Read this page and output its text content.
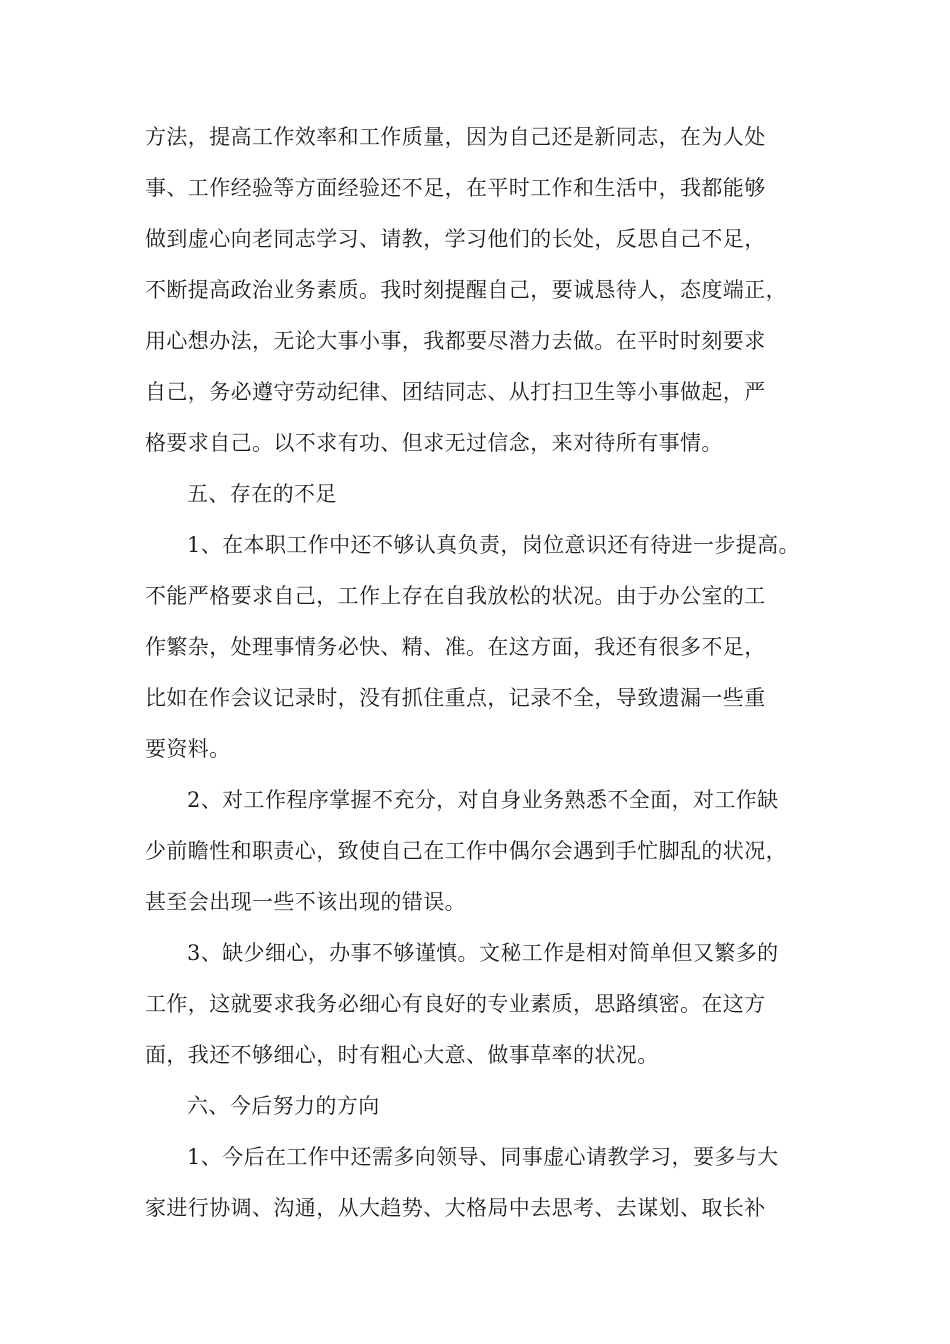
方法，提高工作效率和工作质量，因为自己还是新同志，在为人处
事、工作经验等方面经验还不足，在平时工作和生活中，我都能够
做到虚心向老同志学习、请教，学习他们的长处，反思自己不足，
不断提高政治业务素质。我时刻提醒自己，要诚恳待人，态度端正，
用心想办法，无论大事小事，我都要尽潜力去做。在平时时刻要求
自己，务必遵守劳动纪律、团结同志、从打扫卫生等小事做起，严
格要求自己。以不求有功、但求无过信念，来对待所有事情。
五、存在的不足
1、在本职工作中还不够认真负责，岗位意识还有待进一步提高。
不能严格要求自己，工作上存在自我放松的状况。由于办公室的工
作繁杂，处理事情务必快、精、准。在这方面，我还有很多不足，
比如在作会议记录时，没有抓住重点，记录不全，导致遗漏一些重
要资料。
2、对工作程序掌握不充分，对自身业务熟悉不全面，对工作缺
少前瞻性和职责心，致使自己在工作中偶尔会遇到手忙脚乱的状况，
甚至会出现一些不该出现的错误。
3、缺少细心，办事不够谨慎。文秘工作是相对简单但又繁多的
工作，这就要求我务必细心有良好的专业素质，思路缜密。在这方
面，我还不够细心，时有粗心大意、做事草率的状况。
六、今后努力的方向
1、今后在工作中还需多向领导、同事虚心请教学习，要多与大
家进行协调、沟通，从大趋势、大格局中去思考、去谋划、取长补
